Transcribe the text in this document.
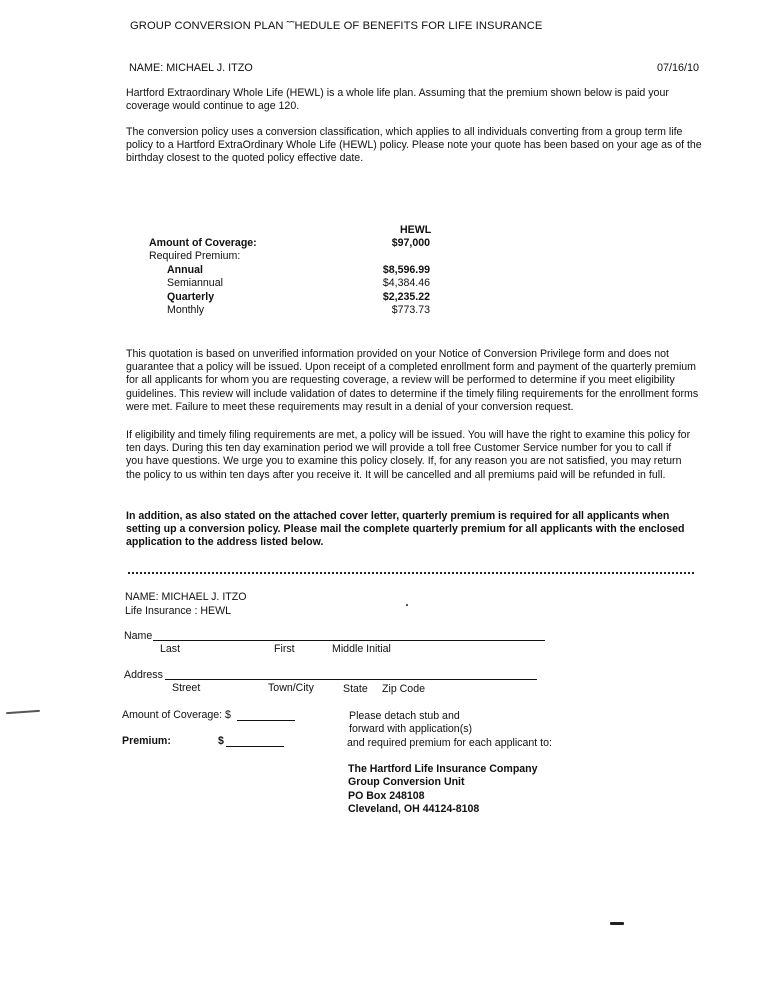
GROUP CONVERSION PLAN ˜˜HEDULE OF BENEFITS FOR LIFE INSURANCE
NAME: MICHAEL J. ITZO	07/16/10
Hartford Extraordinary Whole Life (HEWL) is a whole life plan. Assuming that the premium shown below is paid your coverage would continue to age 120.
The conversion policy uses a conversion classification, which applies to all individuals converting from a group term life policy to a Hartford ExtraOrdinary Whole Life (HEWL) policy. Please note your quote has been based on your age as of the birthday closest to the quoted policy effective date.
HEWL
Amount of Coverage:	$97,000
Required Premium:
Annual	$8,596.99
Semiannual	$4,384.46
Quarterly	$2,235.22
Monthly	$773.73
This quotation is based on unverified information provided on your Notice of Conversion Privilege form and does not guarantee that a policy will be issued. Upon receipt of a completed enrollment form and payment of the quarterly premium for all applicants for whom you are requesting coverage, a review will be performed to determine if you meet eligibility guidelines. This review will include validation of dates to determine if the timely filing requirements for the enrollment forms were met. Failure to meet these requirements may result in a denial of your conversion request.
If eligibility and timely filing requirements are met, a policy will be issued. You will have the right to examine this policy for ten days. During this ten day examination period we will provide a toll free Customer Service number for you to call if you have questions. We urge you to examine this policy closely. If, for any reason you are not satisfied, you may return the policy to us within ten days after you receive it. It will be cancelled and all premiums paid will be refunded in full.
In addition, as also stated on the attached cover letter, quarterly premium is required for all applicants when setting up a conversion policy. Please mail the complete quarterly premium for all applicants with the enclosed application to the address listed below.
NAME: MICHAEL J. ITZO
Life Insurance : HEWL
Name
Last	First	Middle Initial
Address
Street	Town/City	State Zip Code
Amount of Coverage: $
Premium:	$
Please detach stub and
forward with application(s)
and required premium for each applicant to:
The Hartford Life Insurance Company
Group Conversion Unit
PO Box 248108
Cleveland, OH 44124-8108
